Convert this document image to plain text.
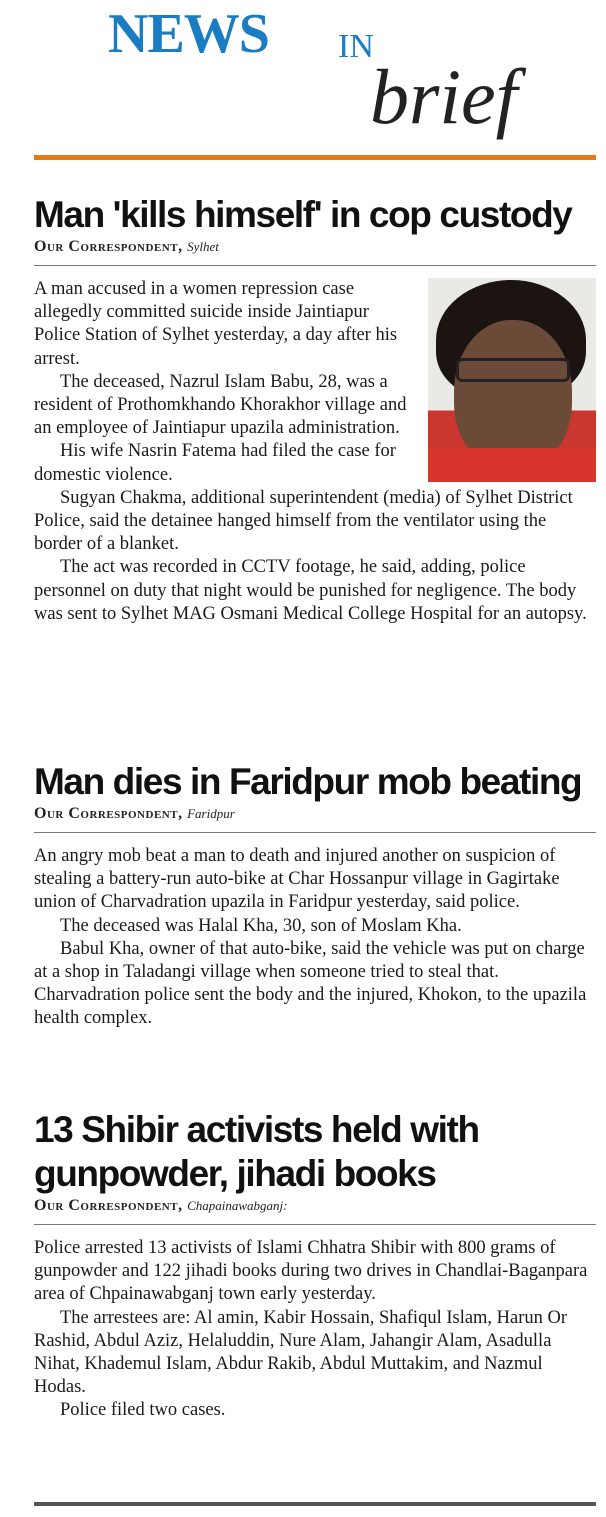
NEWS IN
brief
Man 'kills himself' in cop custody
Our Correspondent, Sylhet

A man accused in a women repression case allegedly committed suicide inside Jaintiapur Police Station of Sylhet yesterday, a day after his arrest.

The deceased, Nazrul Islam Babu, 28, was a resident of Prothomkhando Khorakhor village and an employee of Jaintiapur upazila administration.

His wife Nasrin Fatema had filed the case for domestic violence.

Sugyan Chakma, additional superintendent (media) of Sylhet District Police, said the detainee hanged himself from the ventilator using the border of a blanket.

The act was recorded in CCTV footage, he said, adding, police personnel on duty that night would be punished for negligence. The body was sent to Sylhet MAG Osmani Medical College Hospital for an autopsy.

Man dies in Faridpur mob beating
Our Correspondent, Faridpur

An angry mob beat a man to death and injured another on suspicion of stealing a battery-run auto-bike at Char Hossanpur village in Gagirtake union of Charvadration upazila in Faridpur yesterday, said police.

The deceased was Halal Kha, 30, son of Moslam Kha.

Babul Kha, owner of that auto-bike, said the vehicle was put on charge at a shop in Taladangi village when someone tried to steal that. Charvadration police sent the body and the injured, Khokon, to the upazila health complex.

13 Shibir activists held with
gunpowder, jihadi books
Our Correspondent, Chapainawabganj:

Police arrested 13 activists of Islami Chhatra Shibir with 800 grams of gunpowder and 122 jihadi books during two drives in Chandlai-Baganpara area of Chpainawabganj town early yesterday.

The arrestees are: Al amin, Kabir Hossain, Shafiqul Islam, Harun Or Rashid, Abdul Aziz, Helaluddin, Nure Alam, Jahangir Alam, Asadulla Nihat, Khademul Islam, Abdur Rakib, Abdul Muttakim, and Nazmul Hodas.

Police filed two cases.
